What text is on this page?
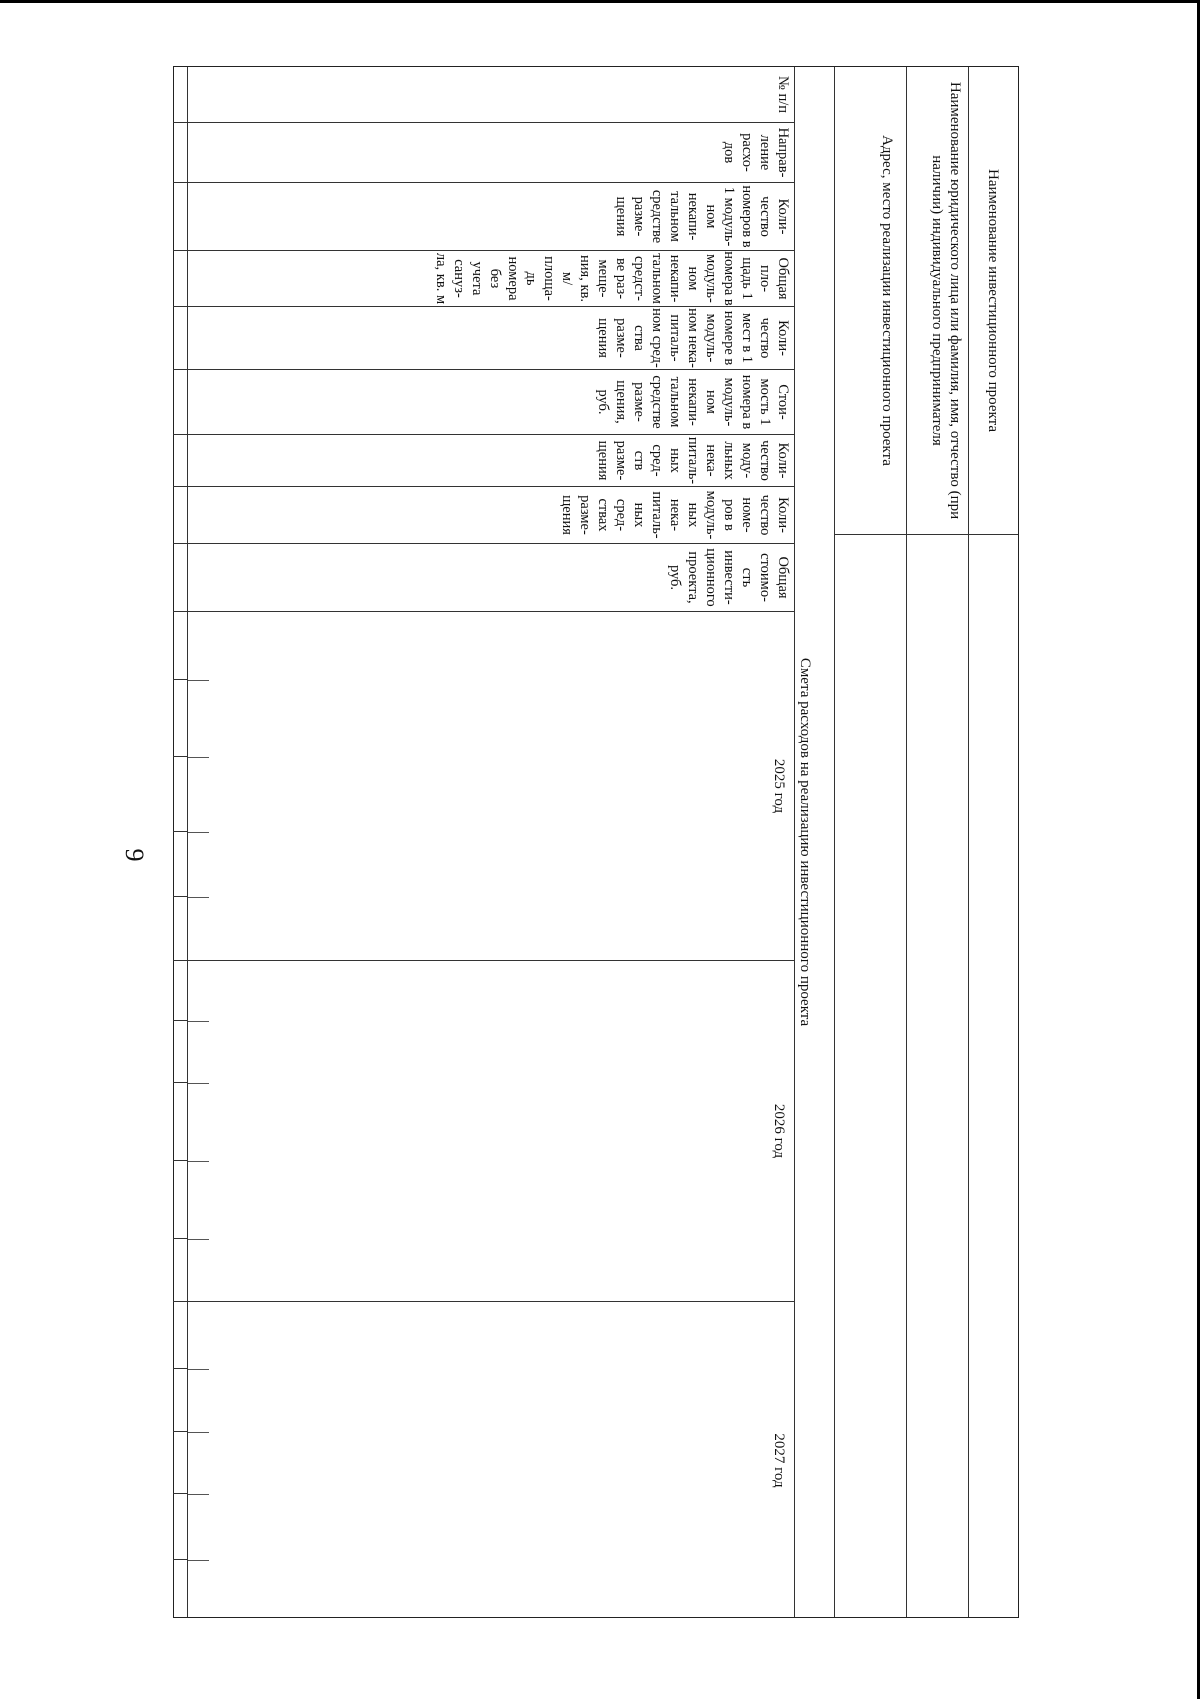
9
Наименование инвестиционного проекта
Наименование юридического лица или фамилия, имя, отчество (при наличии) индивидуального предпринимателя
Адрес, место реализации инвестиционного проекта
Смета расходов на реализацию инвестиционного проекта
№ п/п
Направ-ление расхо-дов
Коли-чество номеров в 1 модуль-ном некапи-тальном средстве разме-щения
Общая пло-щадь 1 номера в модуль-ном некапи-тальном средст-ве раз-меще-ния, кв. м/ площа-дь номера без учета сануз-ла, кв. м
Коли-чество мест в 1 номере в модуль-ном нека-питаль-ном сред-ства разме-щения
Стои-мость 1 номера в модуль-ном некапи-тальном средстве разме-щения, руб.
Коли-чество моду-льных нека-питаль-ных сред-ств разме-щения
Коли-чество номе-ров в модуль-ных нека-питаль-ных сред-ствах разме-щения
Общая стоимо-сть инвести-ционного проекта, руб.
2025 год
2026 год
2027 год
